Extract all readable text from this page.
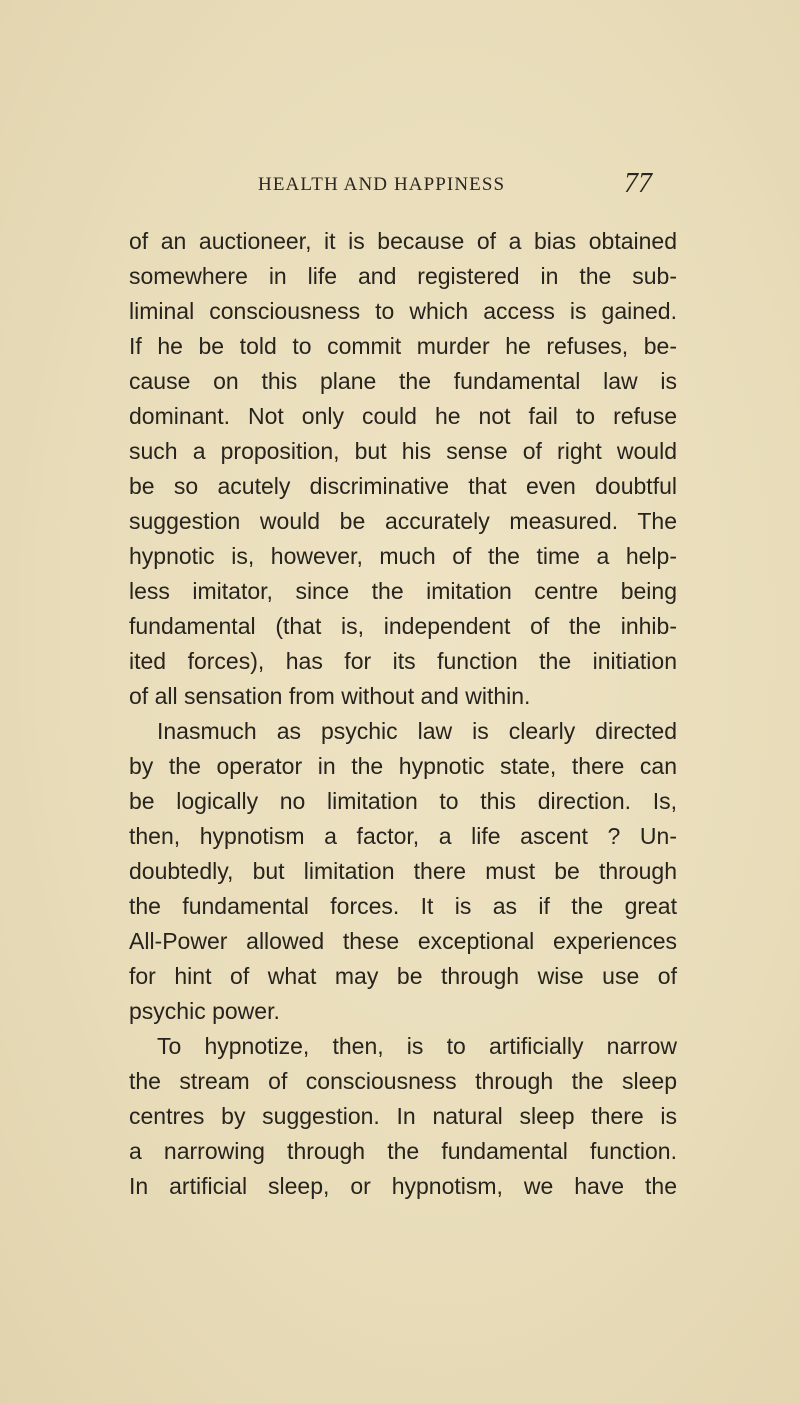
HEALTH AND HAPPINESS	77
of an auctioneer, it is because of a bias obtained
somewhere in life and registered in the sub-
liminal consciousness to which access is gained.
If he be told to commit murder he refuses, be-
cause on this plane the fundamental law is
dominant. Not only could he not fail to refuse
such a proposition, but his sense of right would
be so acutely discriminative that even doubtful
suggestion would be accurately measured. The
hypnotic is, however, much of the time a help-
less imitator, since the imitation centre being
fundamental (that is, independent of the inhib-
ited forces), has for its function the initiation
of all sensation from without and within.
Inasmuch as psychic law is clearly directed
by the operator in the hypnotic state, there can
be logically no limitation to this direction. Is,
then, hypnotism a factor, a life ascent ? Un-
doubtedly, but limitation there must be through
the fundamental forces. It is as if the great
All-Power allowed these exceptional experiences
for hint of what may be through wise use of
psychic power.
To hypnotize, then, is to artificially narrow
the stream of consciousness through the sleep
centres by suggestion. In natural sleep there is
a narrowing through the fundamental function.
In artificial sleep, or hypnotism, we have the
